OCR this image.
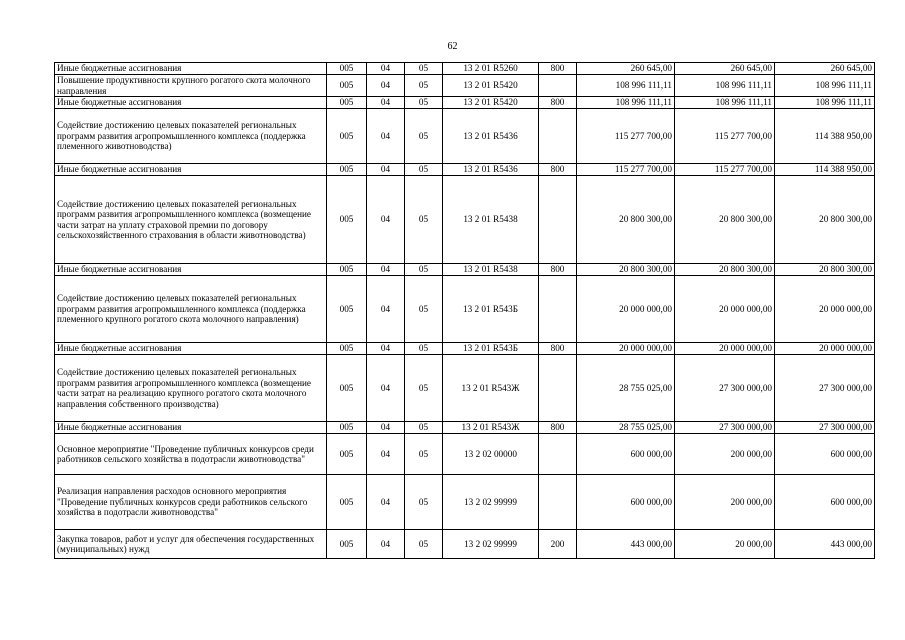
62
Иные бюджетные ассигнования	005	04	05	13 2 01 R5260	800	260 645,00	260 645,00	260 645,00
Повышение продуктивности крупного рогатого скота молочного направления	005	04	05	13 2 01 R5420		108 996 111,11	108 996 111,11	108 996 111,11
Иные бюджетные ассигнования	005	04	05	13 2 01 R5420	800	108 996 111,11	108 996 111,11	108 996 111,11
Содействие достижению целевых показателей региональных программ развития агропромышленного комплекса (поддержка племенного животноводства)	005	04	05	13 2 01 R5436		115 277 700,00	115 277 700,00	114 388 950,00
Иные бюджетные ассигнования	005	04	05	13 2 01 R5436	800	115 277 700,00	115 277 700,00	114 388 950,00
Содействие достижению целевых показателей региональных программ развития агропромышленного комплекса (возмещение части затрат на уплату страховой премии по договору сельскохозяйственного страхования в области животноводства)	005	04	05	13 2 01 R5438		20 800 300,00	20 800 300,00	20 800 300,00
Иные бюджетные ассигнования	005	04	05	13 2 01 R5438	800	20 800 300,00	20 800 300,00	20 800 300,00
Содействие достижению целевых показателей региональных программ развития агропромышленного комплекса (поддержка племенного крупного рогатого скота молочного направления)	005	04	05	13 2 01 R543Б		20 000 000,00	20 000 000,00	20 000 000,00
Иные бюджетные ассигнования	005	04	05	13 2 01 R543Б	800	20 000 000,00	20 000 000,00	20 000 000,00
Содействие достижению целевых показателей региональных программ развития агропромышленного комплекса (возмещение части затрат на реализацию крупного рогатого скота молочного направления собственного производства)	005	04	05	13 2 01 R543Ж		28 755 025,00	27 300 000,00	27 300 000,00
Иные бюджетные ассигнования	005	04	05	13 2 01 R543Ж	800	28 755 025,00	27 300 000,00	27 300 000,00
Основное мероприятие "Проведение публичных конкурсов среди работников сельского хозяйства в подотрасли животноводства"	005	04	05	13 2 02 00000		600 000,00	200 000,00	600 000,00
Реализация направления расходов основного мероприятия "Проведение публичных конкурсов среди работников сельского хозяйства в подотрасли животноводства"	005	04	05	13 2 02 99999		600 000,00	200 000,00	600 000,00
Закупка товаров, работ и услуг для обеспечения государственных (муниципальных) нужд	005	04	05	13 2 02 99999	200	443 000,00	20 000,00	443 000,00
